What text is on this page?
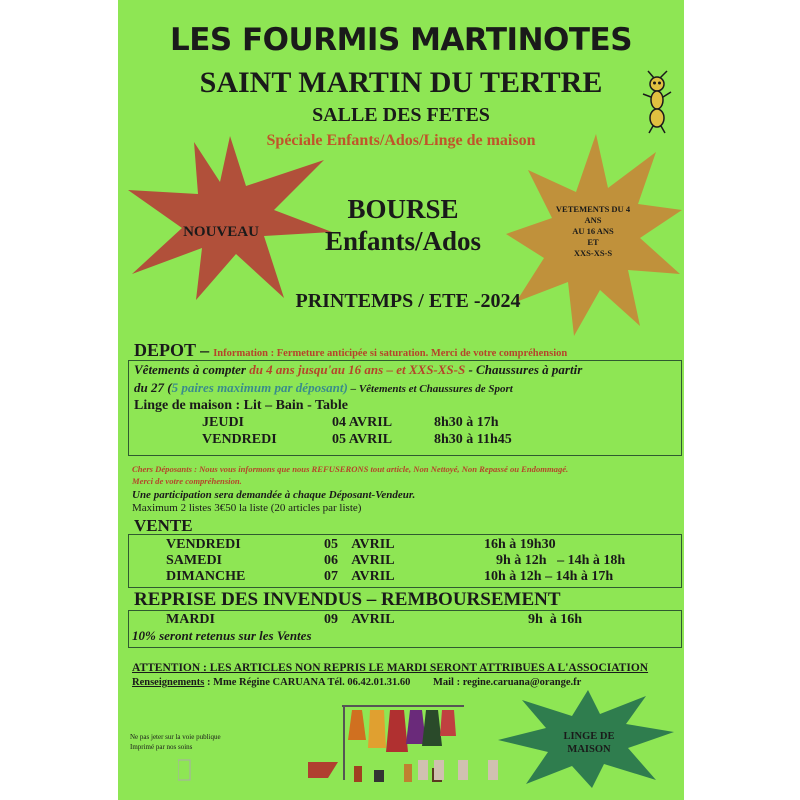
LES FOURMIS MARTINOTES
SAINT MARTIN DU TERTRE
SALLE DES FETES
Spéciale Enfants/Ados/Linge de maison
NOUVEAU
VETEMENTS DU 4
ANS
AU 16 ANS
ET
XXS-XS-S
BOURSE
Enfants/Ados
PRINTEMPS / ETE -2024
DEPOT – Information : Fermeture anticipée si saturation. Merci de votre compréhension
Vêtements à compter du 4 ans jusqu'au 16 ans – et XXS-XS-S - Chaussures à partir
du 27 (5 paires maximum par déposant) – Vêtements et Chaussures de Sport
Linge de maison : Lit – Bain - Table
JEUDI	04 AVRIL	8h30 à 17h
VENDREDI	05 AVRIL	8h30 à 11h45
Chers Déposants : Nous vous informons que nous REFUSERONS tout article, Non Nettoyé, Non Repassé ou Endommagé.
Merci de votre compréhension.
Une participation sera demandée à chaque Déposant-Vendeur.
Maximum 2 listes 3€50 la liste (20 articles par liste)
VENTE
VENDREDI	05    AVRIL	16h à 19h30
SAMEDI	06    AVRIL	9h à 12h   – 14h à 18h
DIMANCHE	07    AVRIL	10h à 12h – 14h à 17h
REPRISE DES INVENDUS – REMBOURSEMENT
MARDI	09    AVRIL	9h  à 16h
10% seront retenus sur les Ventes
ATTENTION : LES ARTICLES NON REPRIS LE MARDI SERONT ATTRIBUES A L'ASSOCIATION
Renseignements : Mme Régine CARUANA Tél. 06.42.01.31.60 Mail : regine.caruana@orange.fr
Ne pas jeter sur la voie publique
Imprimé par nos soins
LINGE DE
MAISON
